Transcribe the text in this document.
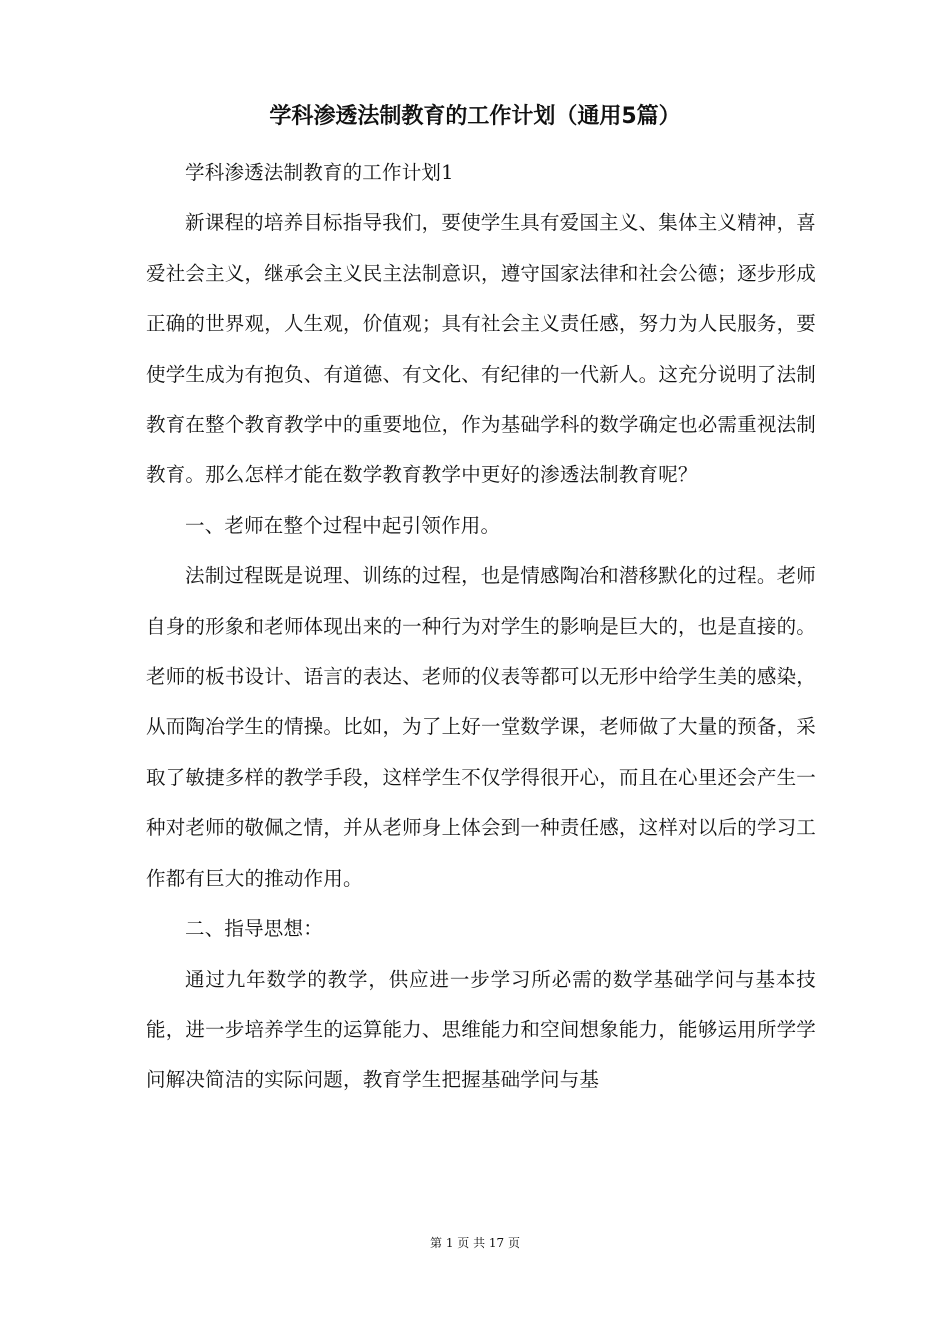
学科渗透法制教育的工作计划（通用5篇）

学科渗透法制教育的工作计划1

新课程的培养目标指导我们，要使学生具有爱国主义、集体主义精神，喜爱社会主义，继承会主义民主法制意识，遵守国家法律和社会公德；逐步形成正确的世界观，人生观，价值观；具有社会主义责任感，努力为人民服务，要使学生成为有抱负、有道德、有文化、有纪律的一代新人。这充分说明了法制教育在整个教育教学中的重要地位，作为基础学科的数学确定也必需重视法制教育。那么怎样才能在数学教育教学中更好的渗透法制教育呢？

一、老师在整个过程中起引领作用。

法制过程既是说理、训练的过程，也是情感陶冶和潜移默化的过程。老师自身的形象和老师体现出来的一种行为对学生的影响是巨大的，也是直接的。老师的板书设计、语言的表达、老师的仪表等都可以无形中给学生美的感染，从而陶冶学生的情操。比如，为了上好一堂数学课，老师做了大量的预备，采取了敏捷多样的教学手段，这样学生不仅学得很开心，而且在心里还会产生一种对老师的敬佩之情，并从老师身上体会到一种责任感，这样对以后的学习工作都有巨大的推动作用。

二、指导思想：

通过九年数学的教学，供应进一步学习所必需的数学基础学问与基本技能，进一步培养学生的运算能力、思维能力和空间想象能力，能够运用所学学问解决简洁的实际问题，教育学生把握基础学问与基

第 1 页 共 17 页
